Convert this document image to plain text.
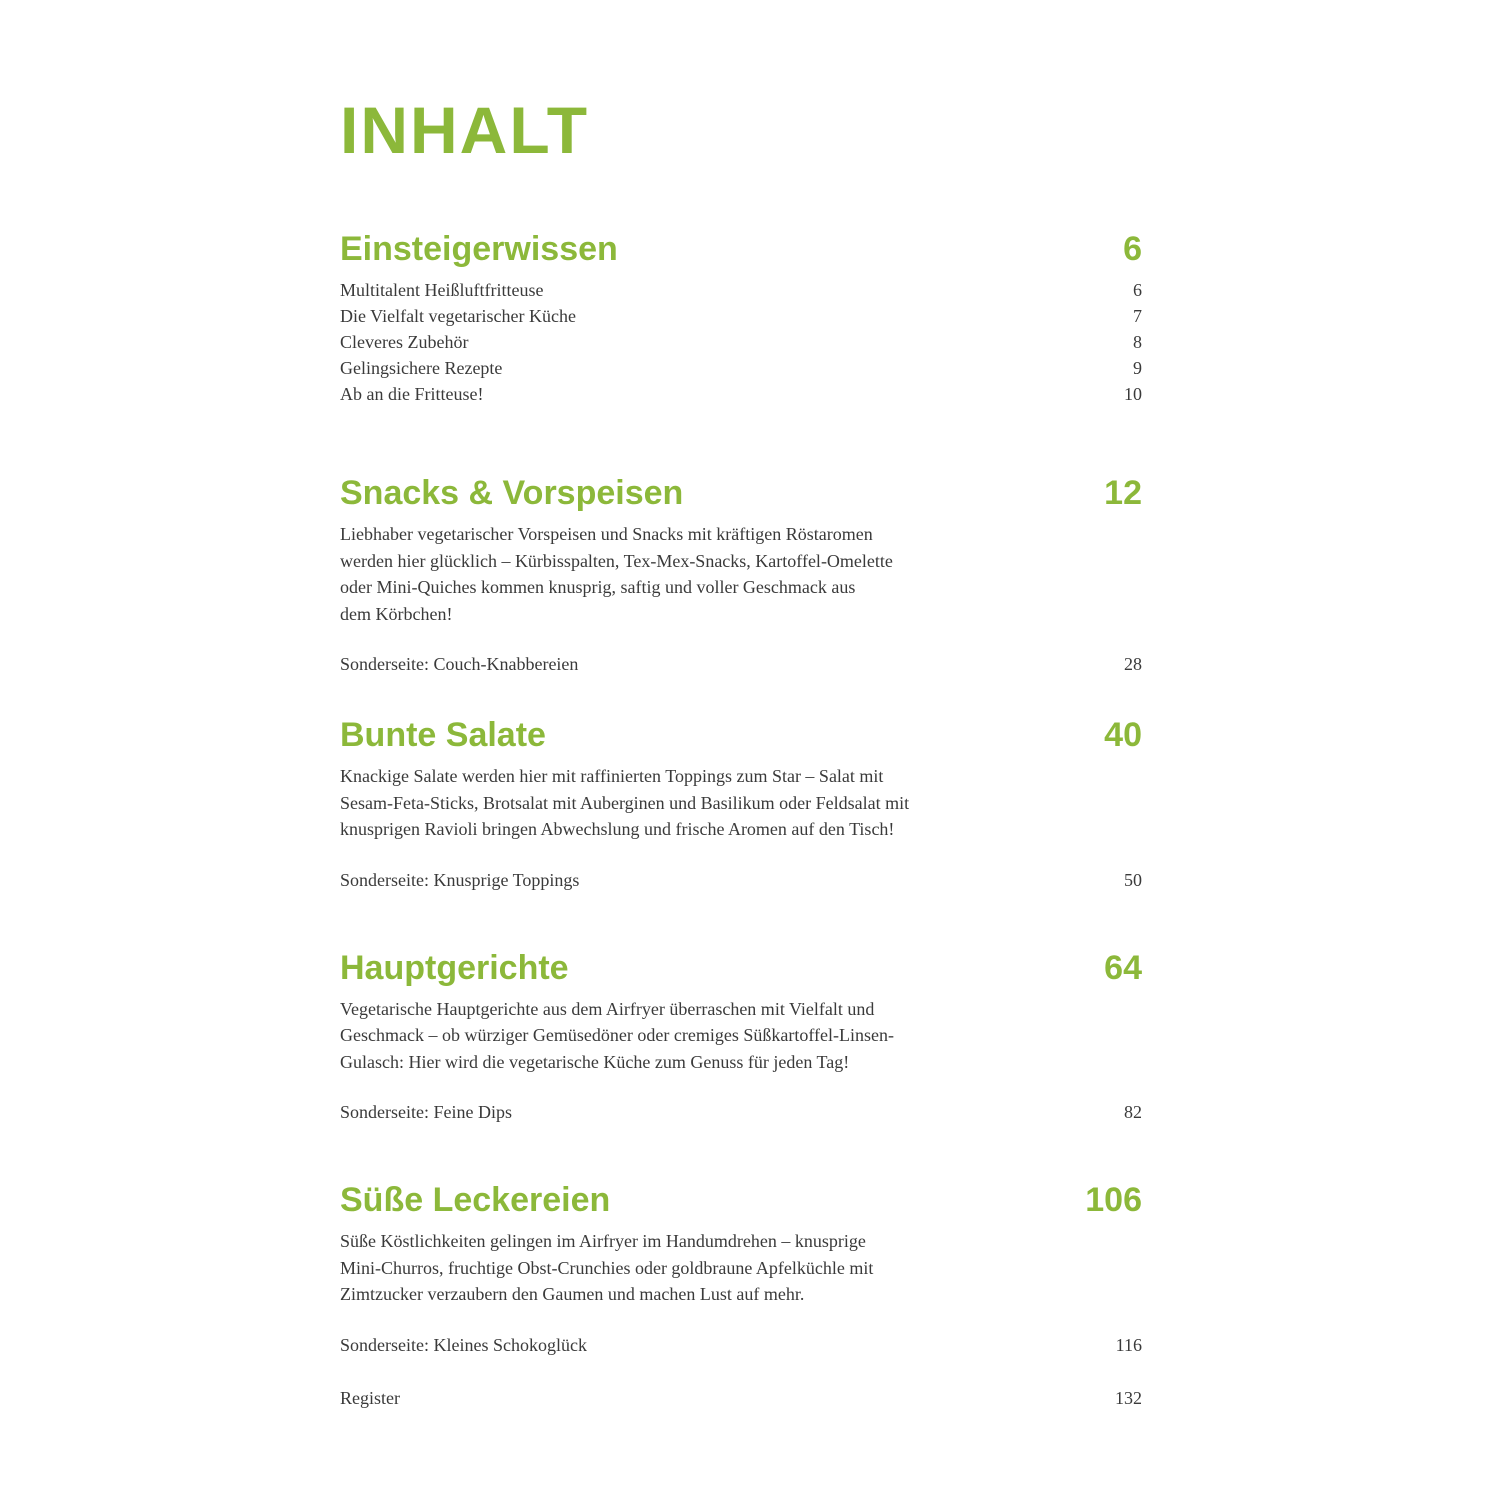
INHALT
Einsteigerwissen	6
Multitalent Heißluftfritteuse	6
Die Vielfalt vegetarischer Küche	7
Cleveres Zubehör	8
Gelingsichere Rezepte	9
Ab an die Fritteuse!	10
Snacks & Vorspeisen	12
Liebhaber vegetarischer Vorspeisen und Snacks mit kräftigen Röstaromen
werden hier glücklich – Kürbisspalten, Tex-Mex-Snacks, Kartoffel-Omelette
oder Mini-Quiches kommen knusprig, saftig und voller Geschmack aus
dem Körbchen!
Sonderseite: Couch-Knabbereien	28
Bunte Salate	40
Knackige Salate werden hier mit raffinierten Toppings zum Star – Salat mit
Sesam-Feta-Sticks, Brotsalat mit Auberginen und Basilikum oder Feldsalat mit
knusprigen Ravioli bringen Abwechslung und frische Aromen auf den Tisch!
Sonderseite: Knusprige Toppings	50
Hauptgerichte	64
Vegetarische Hauptgerichte aus dem Airfryer überraschen mit Vielfalt und
Geschmack – ob würziger Gemüsedöner oder cremiges Süßkartoffel-Linsen-
Gulasch: Hier wird die vegetarische Küche zum Genuss für jeden Tag!
Sonderseite: Feine Dips	82
Süße Leckereien	106
Süße Köstlichkeiten gelingen im Airfryer im Handumdrehen – knusprige
Mini-Churros, fruchtige Obst-Crunchies oder goldbraune Apfelküchle mit
Zimtzucker verzaubern den Gaumen und machen Lust auf mehr.
Sonderseite: Kleines Schokoglück	116
Register	132
